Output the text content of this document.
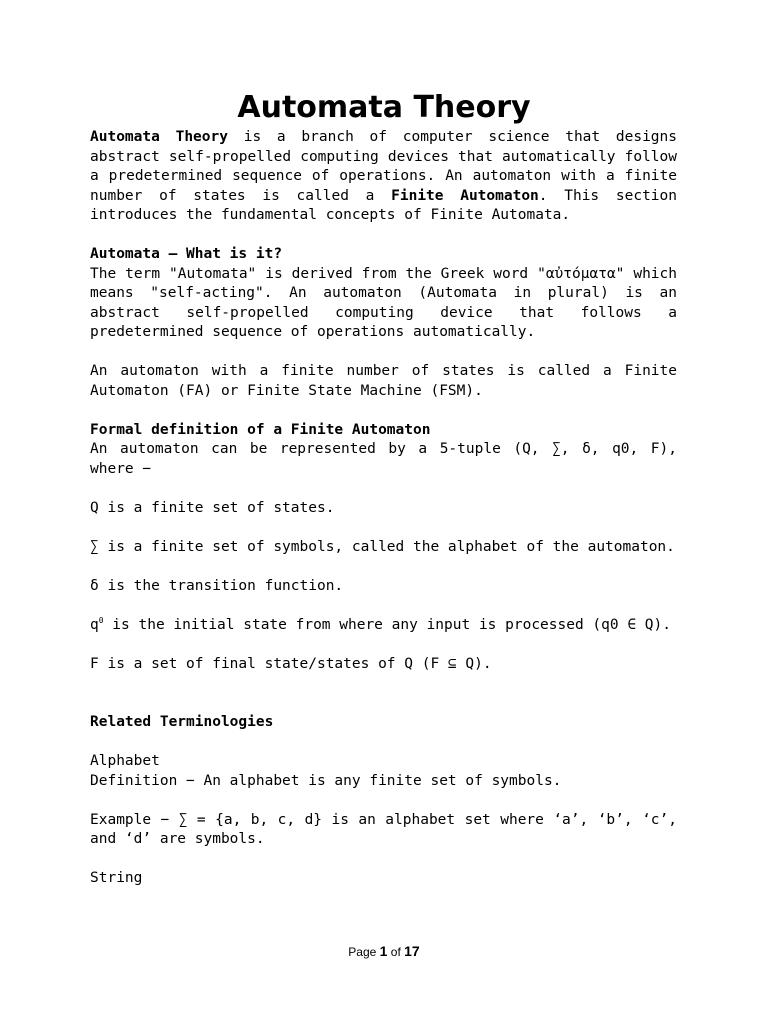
Automata Theory

Automata Theory is a branch of computer science that designs abstract self-propelled computing devices that automatically follow a predetermined sequence of operations. An automaton with a finite number of states is called a Finite Automaton. This section introduces the fundamental concepts of Finite Automata.

Automata – What is it?

The term "Automata" is derived from the Greek word "αὐτόματα" which means "self-acting". An automaton (Automata in plural) is an abstract self-propelled computing device that follows a predetermined sequence of operations automatically.

An automaton with a finite number of states is called a Finite Automaton (FA) or Finite State Machine (FSM).

Formal definition of a Finite Automaton

An automaton can be represented by a 5-tuple (Q, ∑, δ, q0, F), where −

Q is a finite set of states.

∑ is a finite set of symbols, called the alphabet of the automaton.

δ is the transition function.

$q^0$ is the initial state from where any input is processed (q0 ∈ Q).

F is a set of final state/states of Q (F ⊆ Q).

Related Terminologies

Alphabet

Definition − An alphabet is any finite set of symbols.

Example − ∑ = {a, b, c, d} is an alphabet set where ‘a’, ‘b’, ‘c’, and ‘d’ are symbols.

String

Page 1 of 17
